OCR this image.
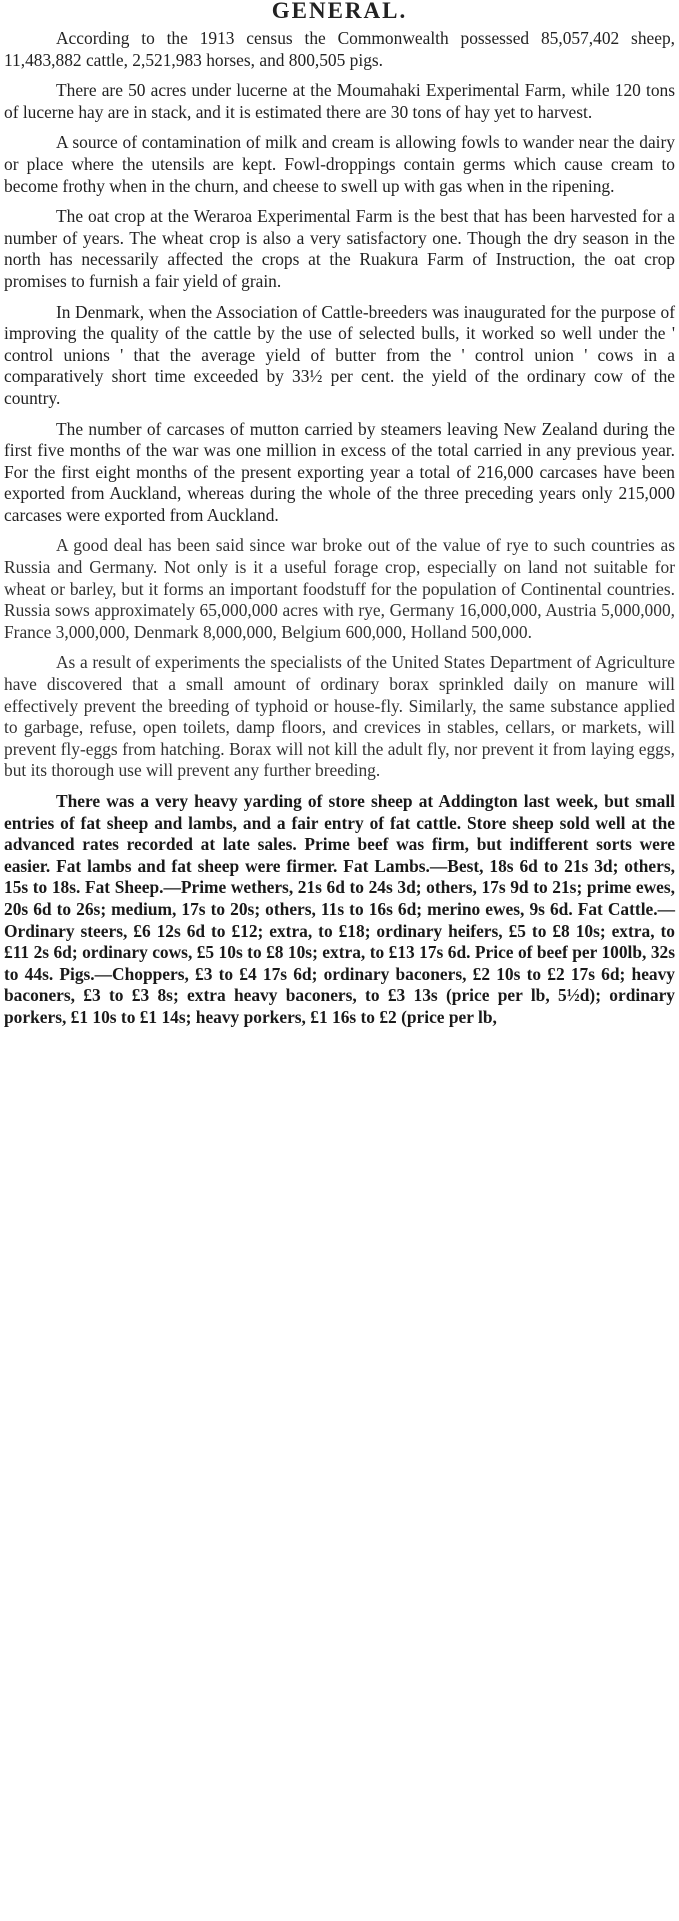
GENERAL.

According to the 1913 census the Commonwealth possessed 85,057,402 sheep, 11,483,882 cattle, 2,521,983 horses, and 800,505 pigs.

There are 50 acres under lucerne at the Moumahaki Experimental Farm, while 120 tons of lucerne hay are in stack, and it is estimated there are 30 tons of hay yet to harvest.

A source of contamination of milk and cream is allowing fowls to wander near the dairy or place where the utensils are kept. Fowl-droppings contain germs which cause cream to become frothy when in the churn, and cheese to swell up with gas when in the ripening.

The oat crop at the Weraroa Experimental Farm is the best that has been harvested for a number of years. The wheat crop is also a very satisfactory one. Though the dry season in the north has necessarily affected the crops at the Ruakura Farm of Instruction, the oat crop promises to furnish a fair yield of grain.

In Denmark, when the Association of Cattle-breeders was inaugurated for the purpose of improving the quality of the cattle by the use of selected bulls, it worked so well under the ' control unions ' that the average yield of butter from the ' control union ' cows in a comparatively short time exceeded by 33½ per cent. the yield of the ordinary cow of the country.

The number of carcases of mutton carried by steamers leaving New Zealand during the first five months of the war was one million in excess of the total carried in any previous year. For the first eight months of the present exporting year a total of 216,000 carcases have been exported from Auckland, whereas during the whole of the three preceding years only 215,000 carcases were exported from Auckland.

A good deal has been said since war broke out of the value of rye to such countries as Russia and Germany. Not only is it a useful forage crop, especially on land not suitable for wheat or barley, but it forms an important foodstuff for the population of Continental countries. Russia sows approximately 65,000,000 acres with rye, Germany 16,000,000, Austria 5,000,000, France 3,000,000, Denmark 8,000,000, Belgium 600,000, Holland 500,000.

As a result of experiments the specialists of the United States Department of Agriculture have discovered that a small amount of ordinary borax sprinkled daily on manure will effectively prevent the breeding of typhoid or house-fly. Similarly, the same substance applied to garbage, refuse, open toilets, damp floors, and crevices in stables, cellars, or markets, will prevent fly-eggs from hatching. Borax will not kill the adult fly, nor prevent it from laying eggs, but its thorough use will prevent any further breeding.

There was a very heavy yarding of store sheep at Addington last week, but small entries of fat sheep and lambs, and a fair entry of fat cattle. Store sheep sold well at the advanced rates recorded at late sales. Prime beef was firm, but indifferent sorts were easier. Fat lambs and fat sheep were firmer. Fat Lambs.—Best, 18s 6d to 21s 3d; others, 15s to 18s. Fat Sheep.—Prime wethers, 21s 6d to 24s 3d; others, 17s 9d to 21s; prime ewes, 20s 6d to 26s; medium, 17s to 20s; others, 11s to 16s 6d; merino ewes, 9s 6d. Fat Cattle.—Ordinary steers, £6 12s 6d to £12; extra, to £18; ordinary heifers, £5 to £8 10s; extra, to £11 2s 6d; ordinary cows, £5 10s to £8 10s; extra, to £13 17s 6d. Price of beef per 100lb, 32s to 44s. Pigs.—Choppers, £3 to £4 17s 6d; ordinary baconers, £2 10s to £2 17s 6d; heavy baconers, £3 to £3 8s; extra heavy baconers, to £3 13s (price per lb, 5½d); ordinary porkers, £1 10s to £1 14s; heavy porkers, £1 16s to £2 (price per lb,
